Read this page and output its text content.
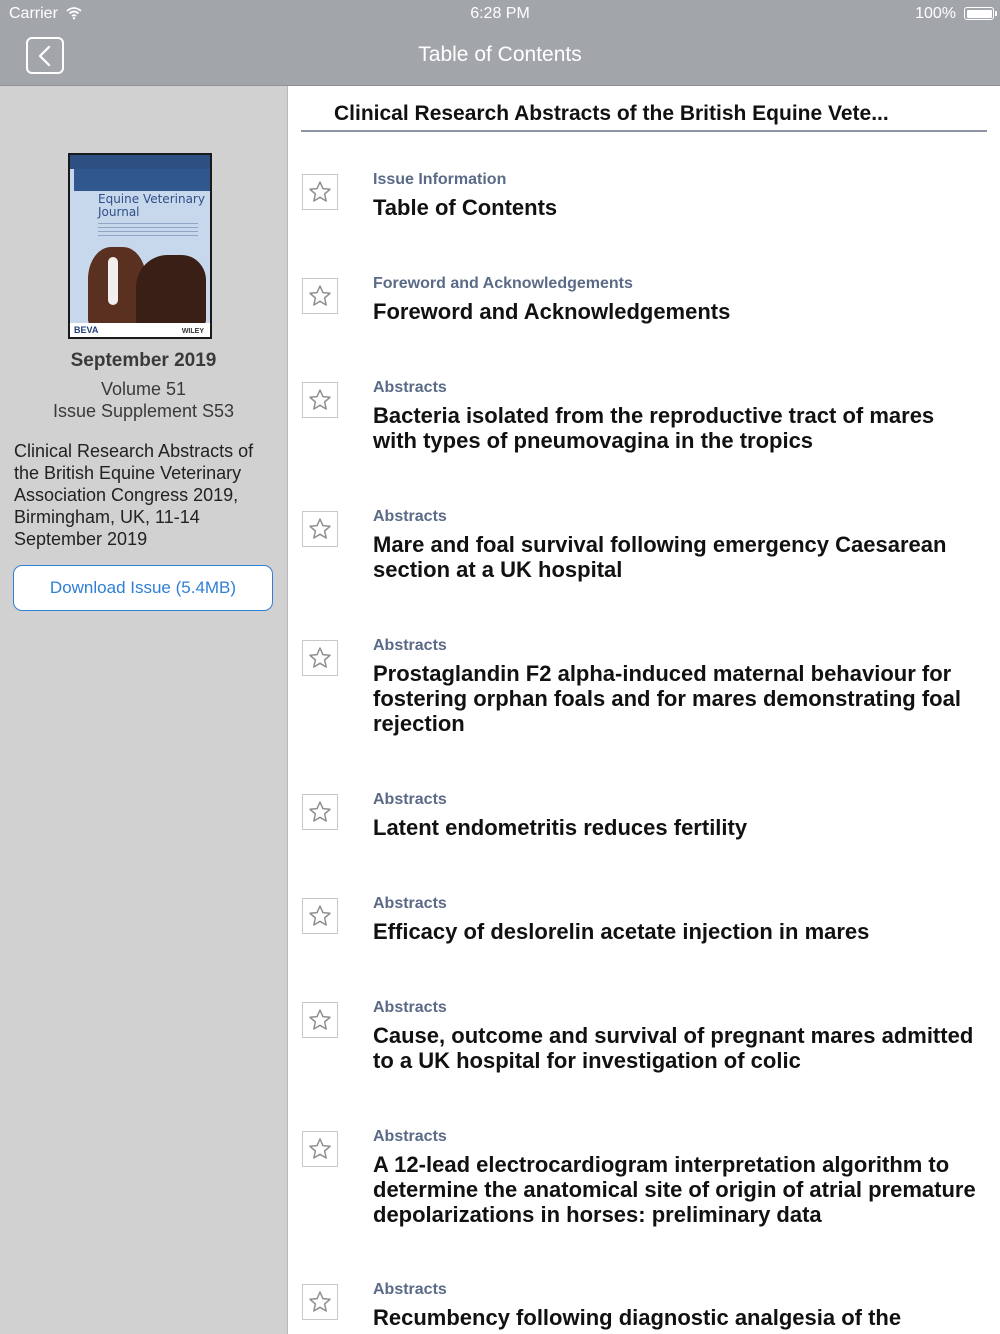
Carrier	6:28 PM	100%
Table of Contents
Equine Veterinary
Journal
BEVA	WILEY
September 2019
Volume 51
Issue Supplement S53
Clinical Research Abstracts of the British Equine Veterinary Association Congress 2019, Birmingham, UK, 11-14 September 2019
Download Issue (5.4MB)
Clinical Research Abstracts of the British Equine Vete...
Issue Information
Table of Contents
Foreword and Acknowledgements
Foreword and Acknowledgements
Abstracts
Bacteria isolated from the reproductive tract of mares with types of pneumovagina in the tropics
Abstracts
Mare and foal survival following emergency Caesarean section at a UK hospital
Abstracts
Prostaglandin F2 alpha-induced maternal behaviour for fostering orphan foals and for mares demonstrating foal rejection
Abstracts
Latent endometritis reduces fertility
Abstracts
Efficacy of deslorelin acetate injection in mares
Abstracts
Cause, outcome and survival of pregnant mares admitted to a UK hospital for investigation of colic
Abstracts
A 12-lead electrocardiogram interpretation algorithm to determine the anatomical site of origin of atrial premature depolarizations in horses: preliminary data
Abstracts
Recumbency following diagnostic analgesia of the
